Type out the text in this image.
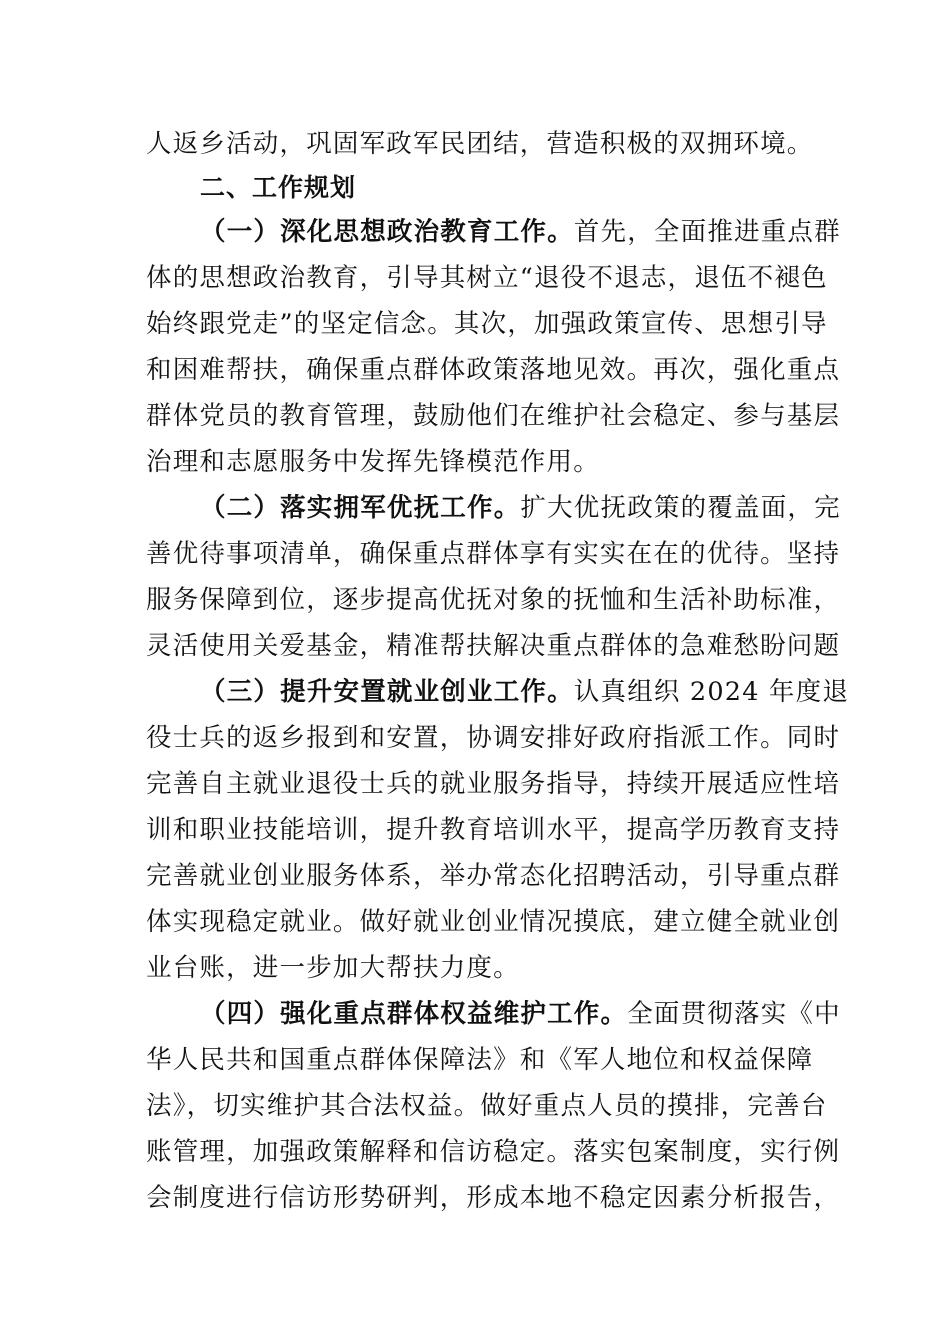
人返乡活动，巩固军政军民团结，营造积极的双拥环境。
二、工作规划
（一）深化思想政治教育工作。首先，全面推进重点群
体的思想政治教育，引导其树立“退役不退志，退伍不褪色
始终跟党走”的坚定信念。其次，加强政策宣传、思想引导
和困难帮扶，确保重点群体政策落地见效。再次，强化重点
群体党员的教育管理，鼓励他们在维护社会稳定、参与基层
治理和志愿服务中发挥先锋模范作用。
（二）落实拥军优抚工作。扩大优抚政策的覆盖面，完
善优待事项清单，确保重点群体享有实实在在的优待。坚持
服务保障到位，逐步提高优抚对象的抚恤和生活补助标准，
灵活使用关爱基金，精准帮扶解决重点群体的急难愁盼问题
（三）提升安置就业创业工作。认真组织 2024 年度退
役士兵的返乡报到和安置，协调安排好政府指派工作。同时
完善自主就业退役士兵的就业服务指导，持续开展适应性培
训和职业技能培训，提升教育培训水平，提高学历教育支持
完善就业创业服务体系，举办常态化招聘活动，引导重点群
体实现稳定就业。做好就业创业情况摸底，建立健全就业创
业台账，进一步加大帮扶力度。
（四）强化重点群体权益维护工作。全面贯彻落实《中
华人民共和国重点群体保障法》和《军人地位和权益保障
法》，切实维护其合法权益。做好重点人员的摸排，完善台
账管理，加强政策解释和信访稳定。落实包案制度，实行例
会制度进行信访形势研判，形成本地不稳定因素分析报告，
